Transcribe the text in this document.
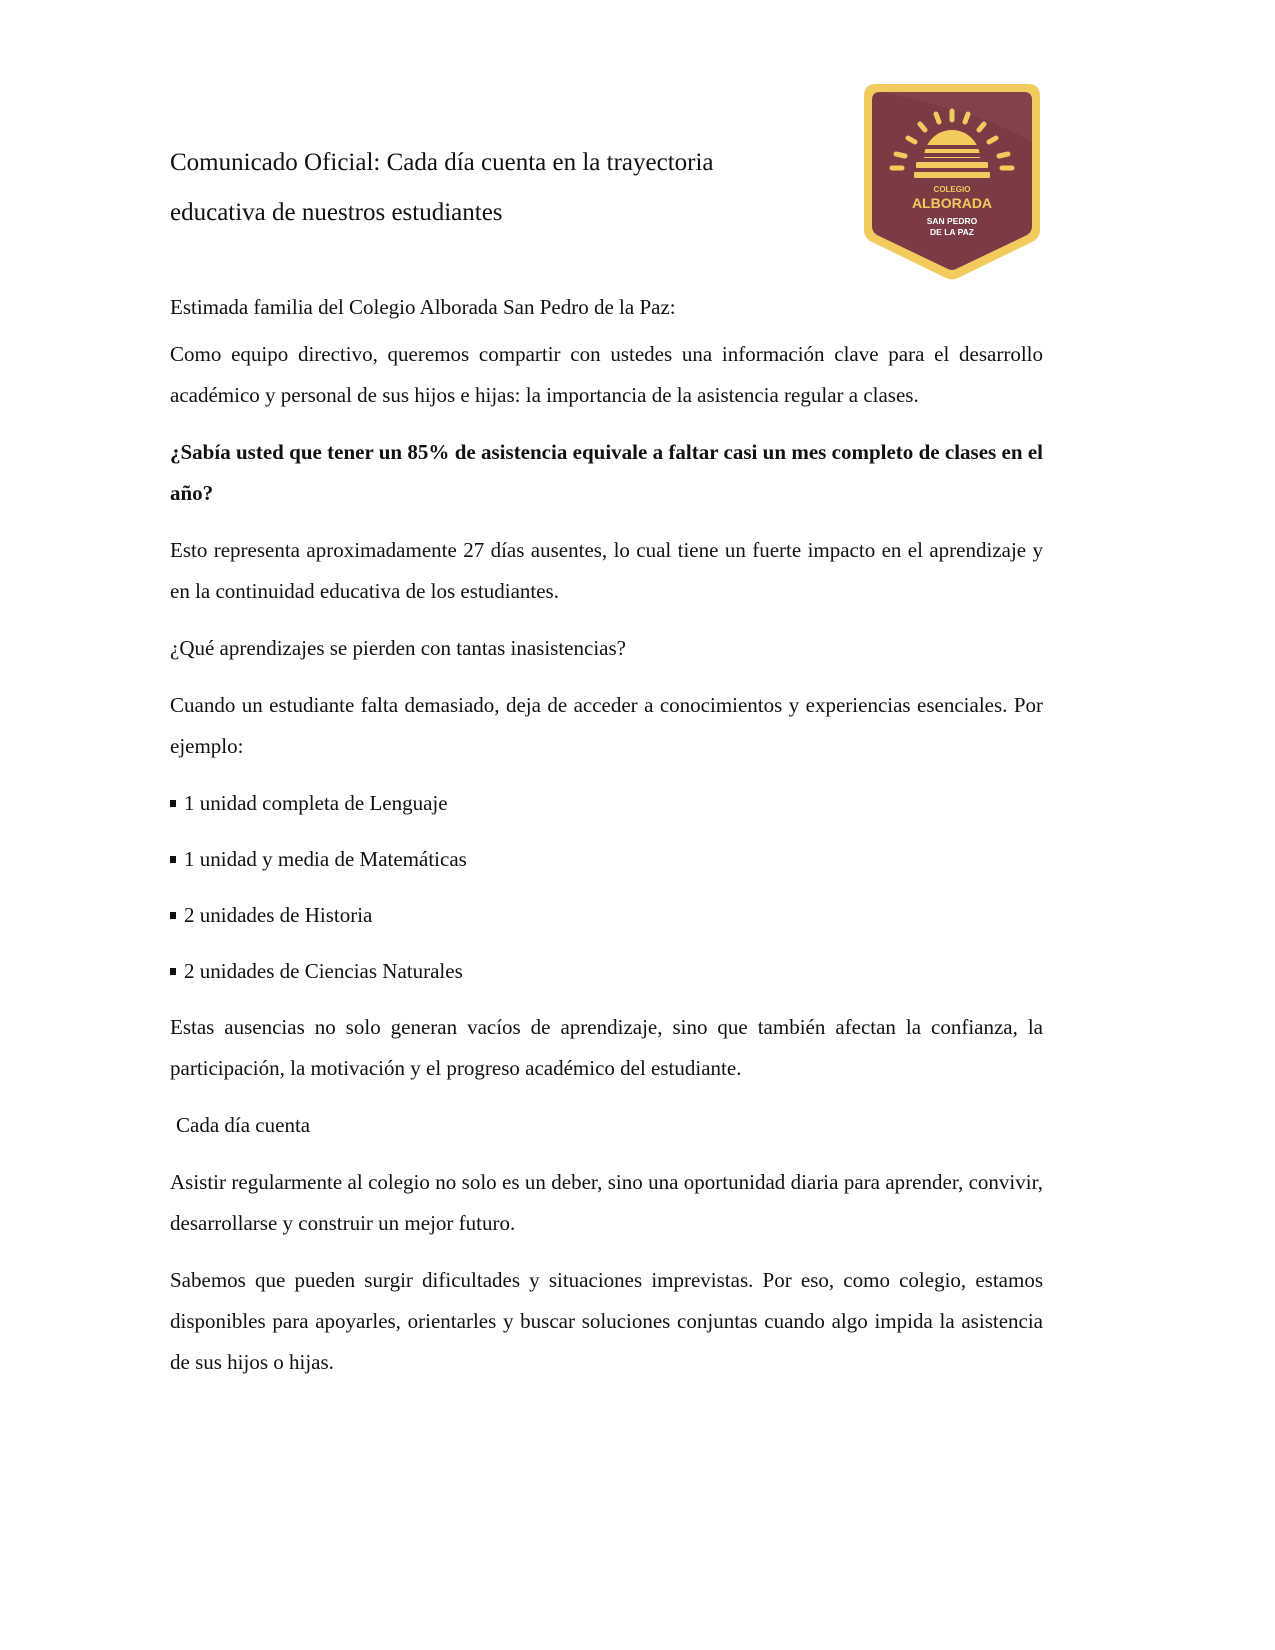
Comunicado Oficial: Cada día cuenta en la trayectoria
educativa de nuestros estudiantes
COLEGIO
ALBORADA
SAN PEDRO
DE LA PAZ

Estimada familia del Colegio Alborada San Pedro de la Paz:

Como equipo directivo, queremos compartir con ustedes una información clave para el desarrollo académico y personal de sus hijos e hijas: la importancia de la asistencia regular a clases.

¿Sabía usted que tener un 85% de asistencia equivale a faltar casi un mes completo de clases en el año?

Esto representa aproximadamente 27 días ausentes, lo cual tiene un fuerte impacto en el aprendizaje y en la continuidad educativa de los estudiantes.

¿Qué aprendizajes se pierden con tantas inasistencias?

Cuando un estudiante falta demasiado, deja de acceder a conocimientos y experiencias esenciales. Por ejemplo:

1 unidad completa de Lenguaje
1 unidad y media de Matemáticas
2 unidades de Historia
2 unidades de Ciencias Naturales

Estas ausencias no solo generan vacíos de aprendizaje, sino que también afectan la confianza, la participación, la motivación y el progreso académico del estudiante.

Cada día cuenta

Asistir regularmente al colegio no solo es un deber, sino una oportunidad diaria para aprender, convivir, desarrollarse y construir un mejor futuro.

Sabemos que pueden surgir dificultades y situaciones imprevistas. Por eso, como colegio, estamos disponibles para apoyarles, orientarles y buscar soluciones conjuntas cuando algo impida la asistencia de sus hijos o hijas.
